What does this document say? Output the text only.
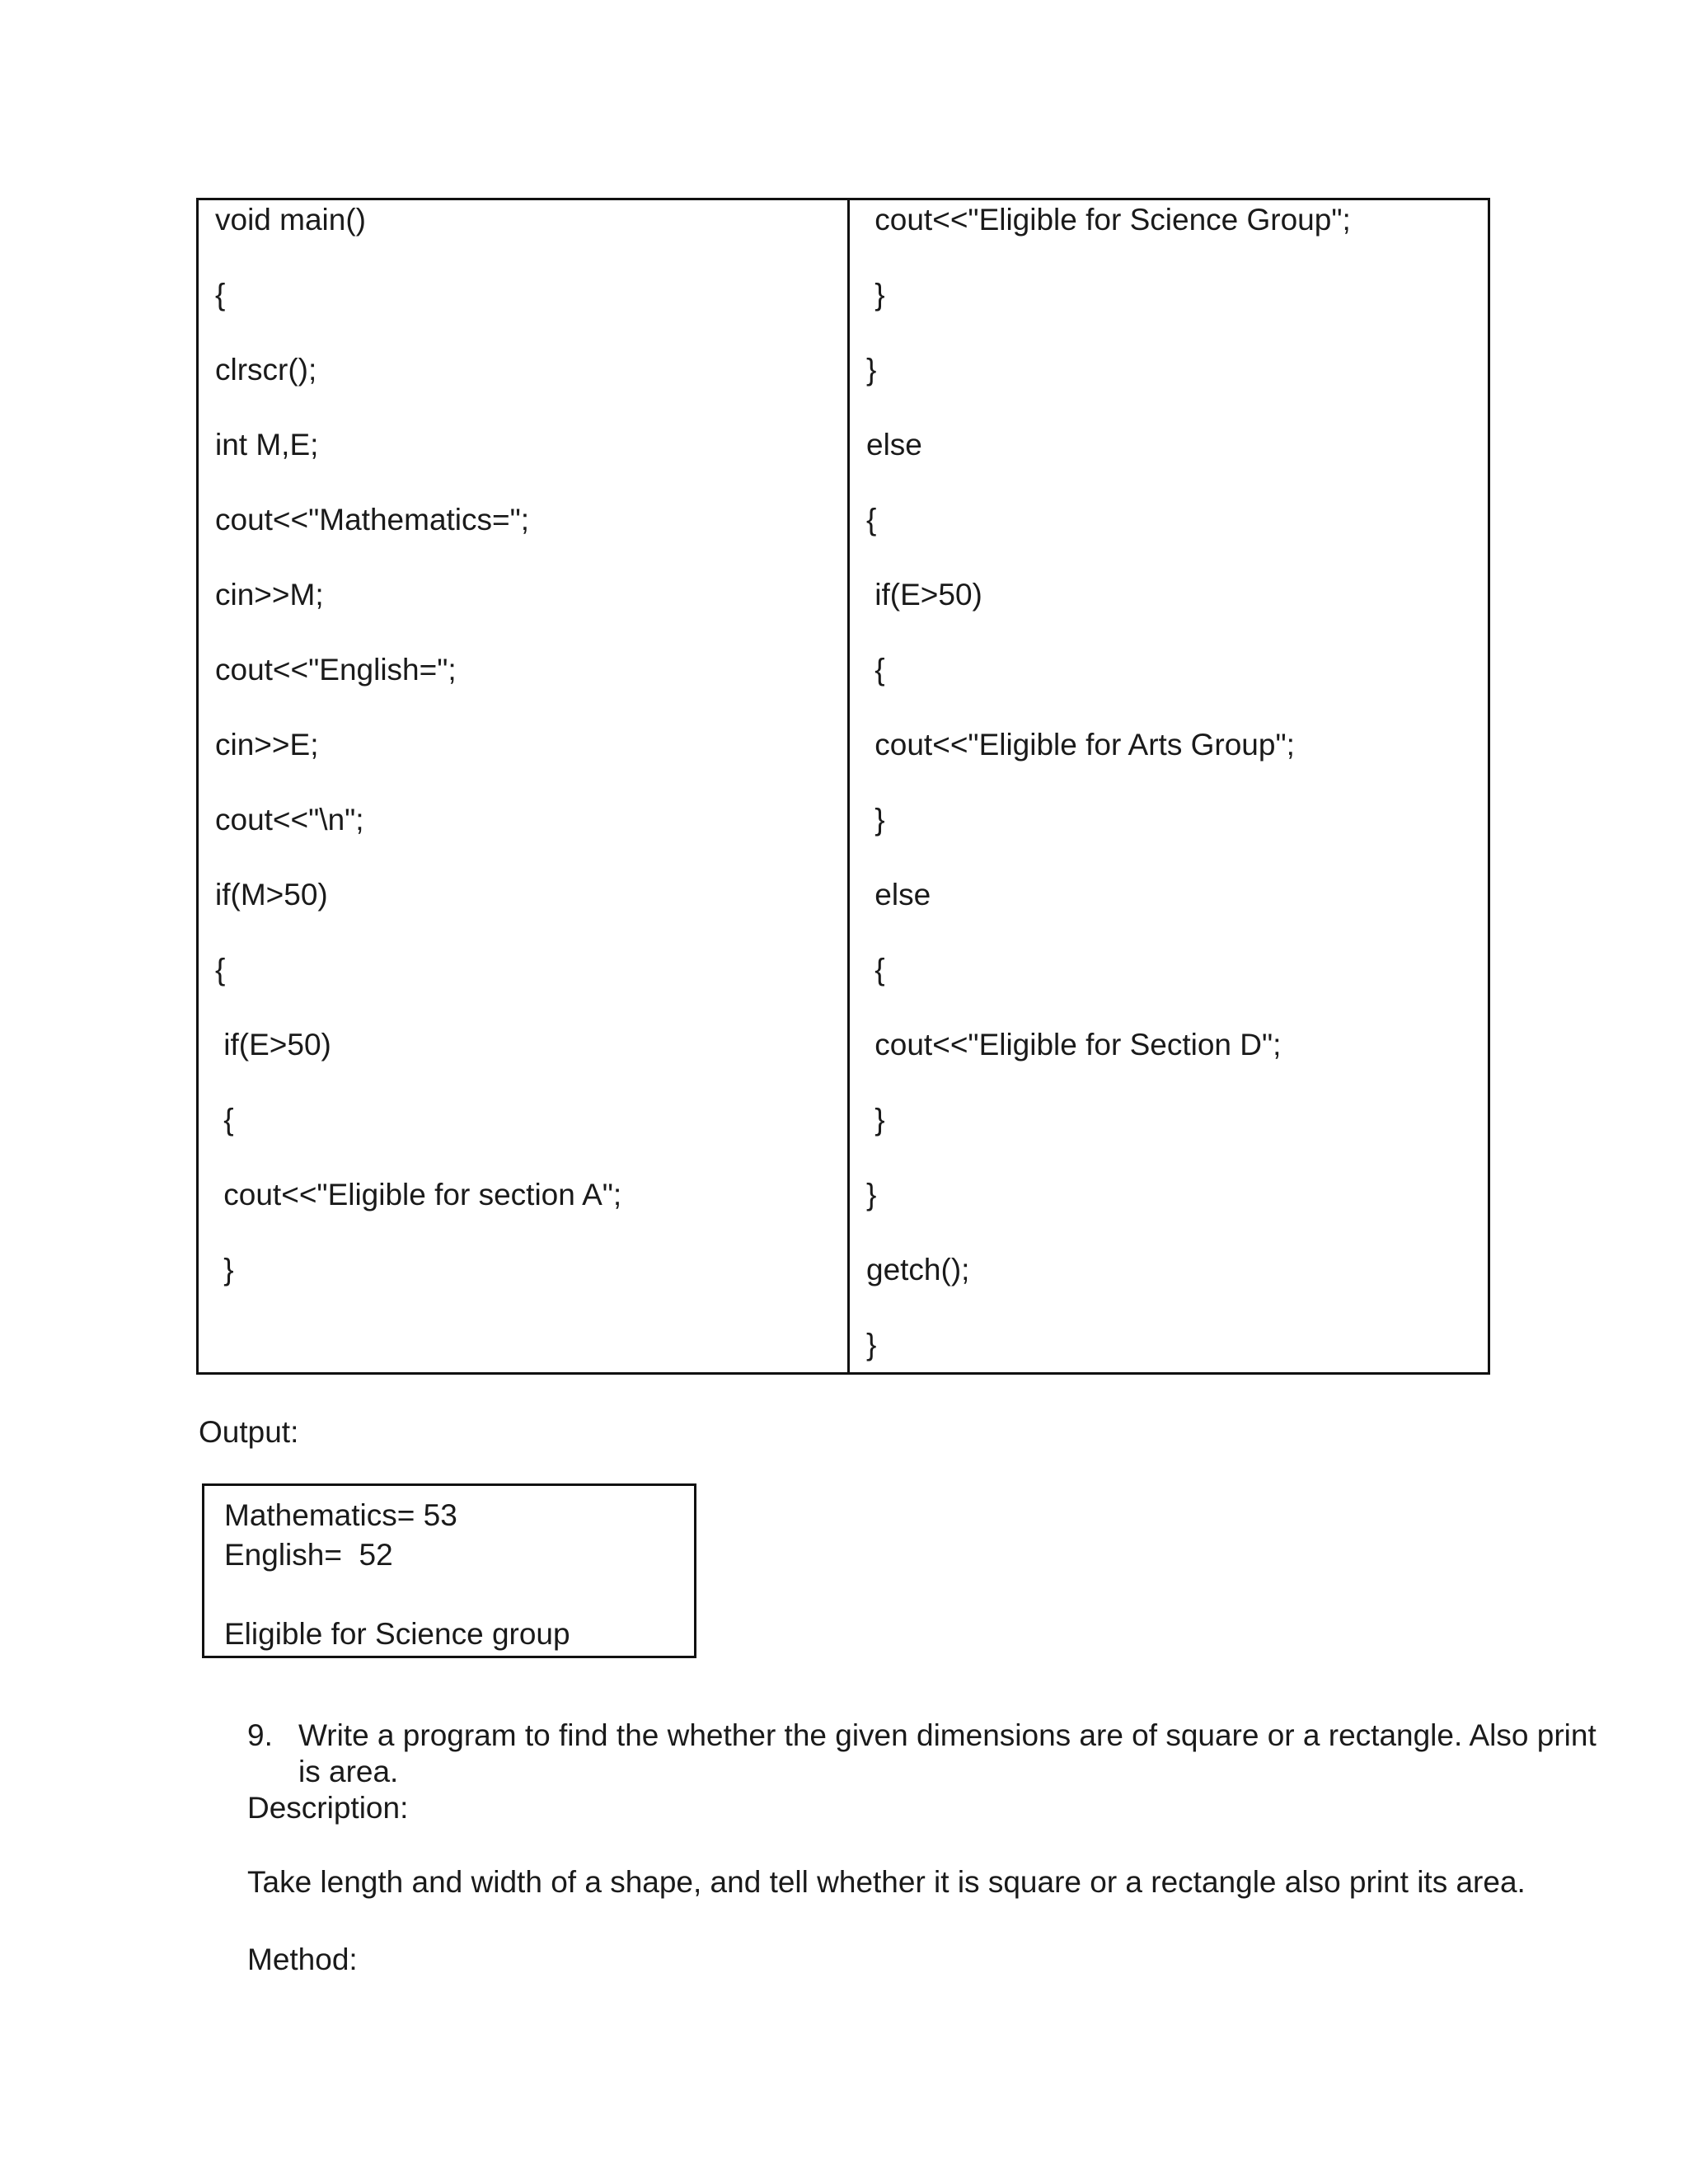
void main()
{
clrscr();
int M,E;
cout<<"Mathematics=";
cin>>M;
cout<<"English=";
cin>>E;
cout<<"\n";
if(M>50)
{
if(E>50)
{
cout<<"Eligible for section A";
}
cout<<"Eligible for Science Group";
}
}
else
{
if(E>50)
{
cout<<"Eligible for Arts Group";
}
else
{
cout<<"Eligible for Section D";
}
}
getch();
}
Output:
Mathematics= 53
English=  52
Eligible for Science group
9. Write a program to find the whether the given dimensions are of square or a rectangle. Also print
is area.
Description:
Take length and width of a shape, and tell whether it is square or a rectangle also print its area.
Method:
